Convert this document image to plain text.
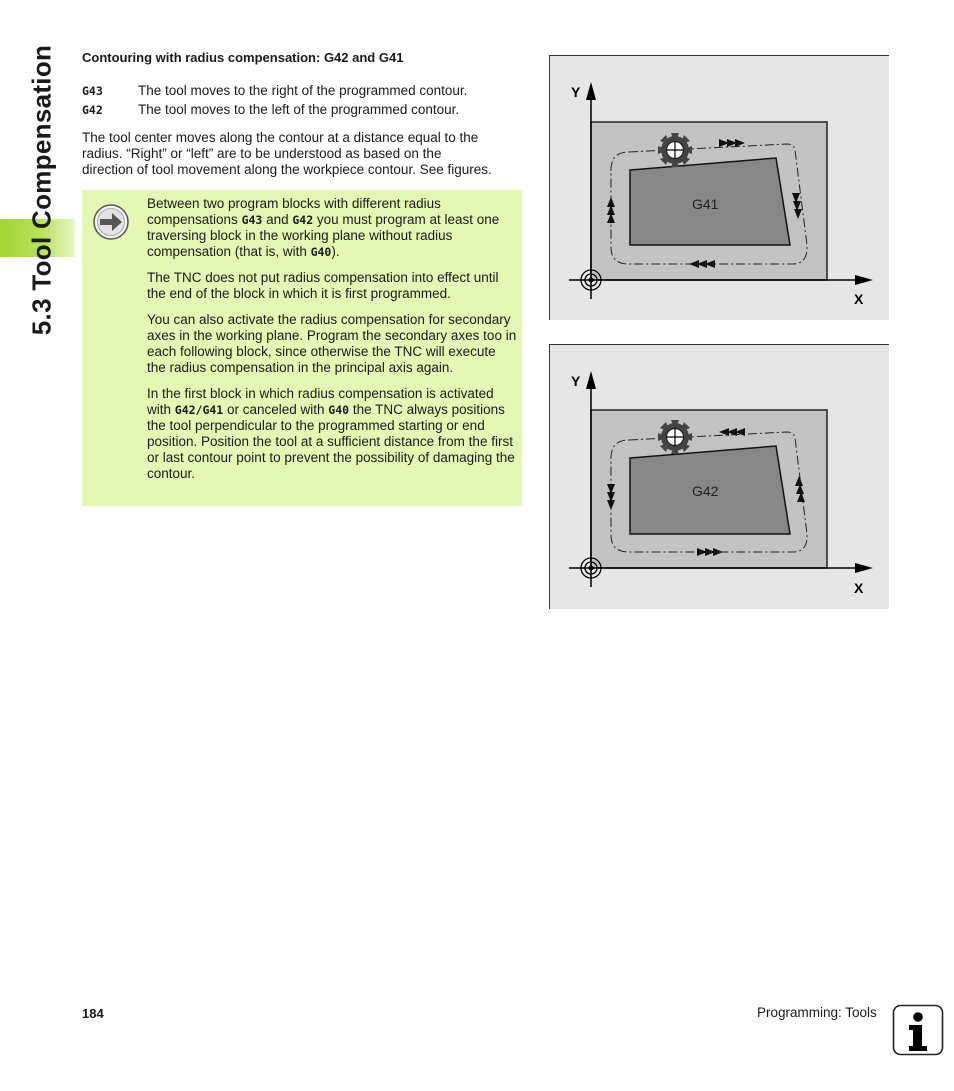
5.3 Tool Compensation Contouring with radius compensation: G42 and G41
G43	The tool moves to the right of the programmed contour.
G42	The tool moves to the left of the programmed contour.
The tool center moves along the contour at a distance equal to the
radius. “Right” or “left” are to be understood as based on the
direction of tool movement along the workpiece contour. See figures.

Between two program blocks with different radius compensations G43 and G42 you must program at least one traversing block in the working plane without radius compensation (that is, with G40).

The TNC does not put radius compensation into effect until the end of the block in which it is first programmed.

You can also activate the radius compensation for secondary axes in the working plane. Program the secondary axes too in each following block, since otherwise the TNC will execute the radius compensation in the principal axis again.

In the first block in which radius compensation is activated with G42/G41 or canceled with G40 the TNC always positions the tool perpendicular to the programmed starting or end position. Position the tool at a sufficient distance from the first or last contour point to prevent the possibility of damaging the contour.

Y
X
G41
Y
X
G42
184	Programming: Tools
